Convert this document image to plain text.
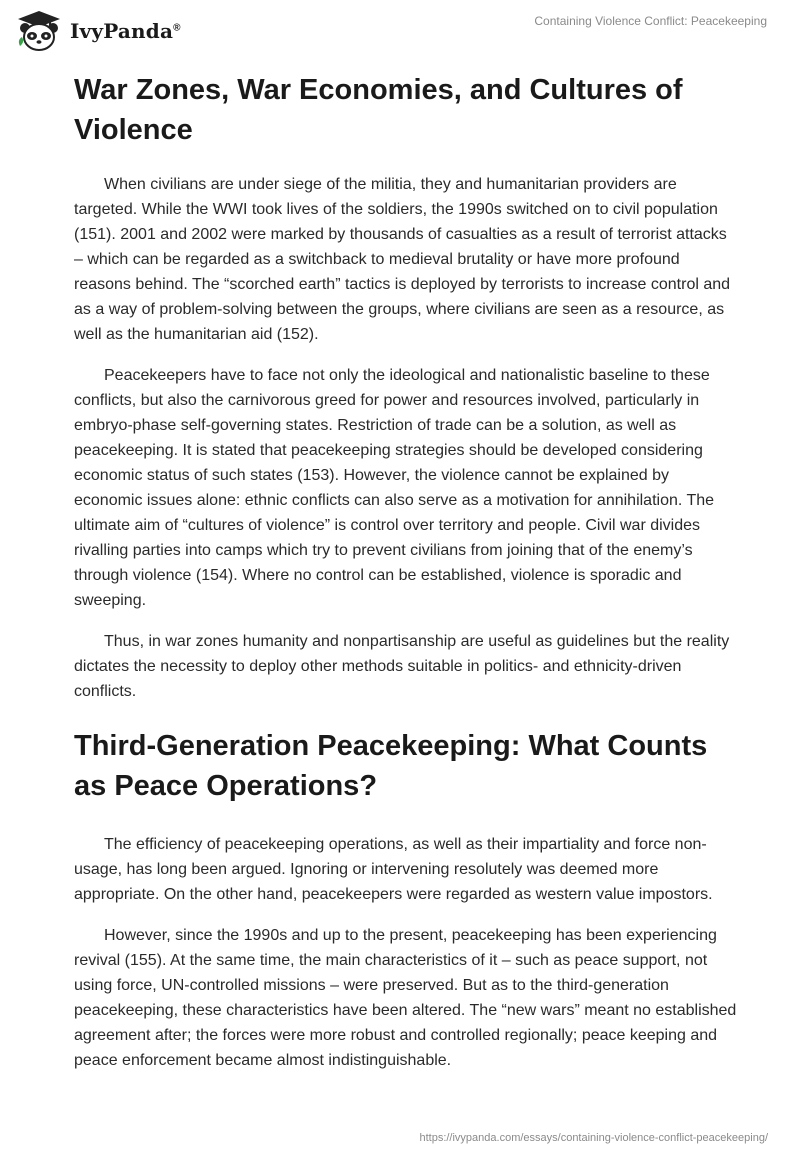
IvyPanda®	Containing Violence Conflict: Peacekeeping
War Zones, War Economies, and Cultures of Violence

When civilians are under siege of the militia, they and humanitarian providers are targeted. While the WWI took lives of the soldiers, the 1990s switched on to civil population (151). 2001 and 2002 were marked by thousands of casualties as a result of terrorist attacks – which can be regarded as a switchback to medieval brutality or have more profound reasons behind. The “scorched earth” tactics is deployed by terrorists to increase control and as a way of problem-solving between the groups, where civilians are seen as a resource, as well as the humanitarian aid (152).

Peacekeepers have to face not only the ideological and nationalistic baseline to these conflicts, but also the carnivorous greed for power and resources involved, particularly in embryo-phase self-governing states. Restriction of trade can be a solution, as well as peacekeeping. It is stated that peacekeeping strategies should be developed considering economic status of such states (153). However, the violence cannot be explained by economic issues alone: ethnic conflicts can also serve as a motivation for annihilation. The ultimate aim of “cultures of violence” is control over territory and people. Civil war divides rivalling parties into camps which try to prevent civilians from joining that of the enemy’s through violence (154). Where no control can be established, violence is sporadic and sweeping.

Thus, in war zones humanity and nonpartisanship are useful as guidelines but the reality dictates the necessity to deploy other methods suitable in politics- and ethnicity-driven conflicts.

Third-Generation Peacekeeping: What Counts as Peace Operations?

The efficiency of peacekeeping operations, as well as their impartiality and force non-usage, has long been argued. Ignoring or intervening resolutely was deemed more appropriate. On the other hand, peacekeepers were regarded as western value impostors.

However, since the 1990s and up to the present, peacekeeping has been experiencing revival (155). At the same time, the main characteristics of it – such as peace support, not using force, UN-controlled missions – were preserved. But as to the third-generation peacekeeping, these characteristics have been altered. The “new wars” meant no established agreement after; the forces were more robust and controlled regionally; peace keeping and peace enforcement became almost indistinguishable.

https://ivypanda.com/essays/containing-violence-conflict-peacekeeping/
